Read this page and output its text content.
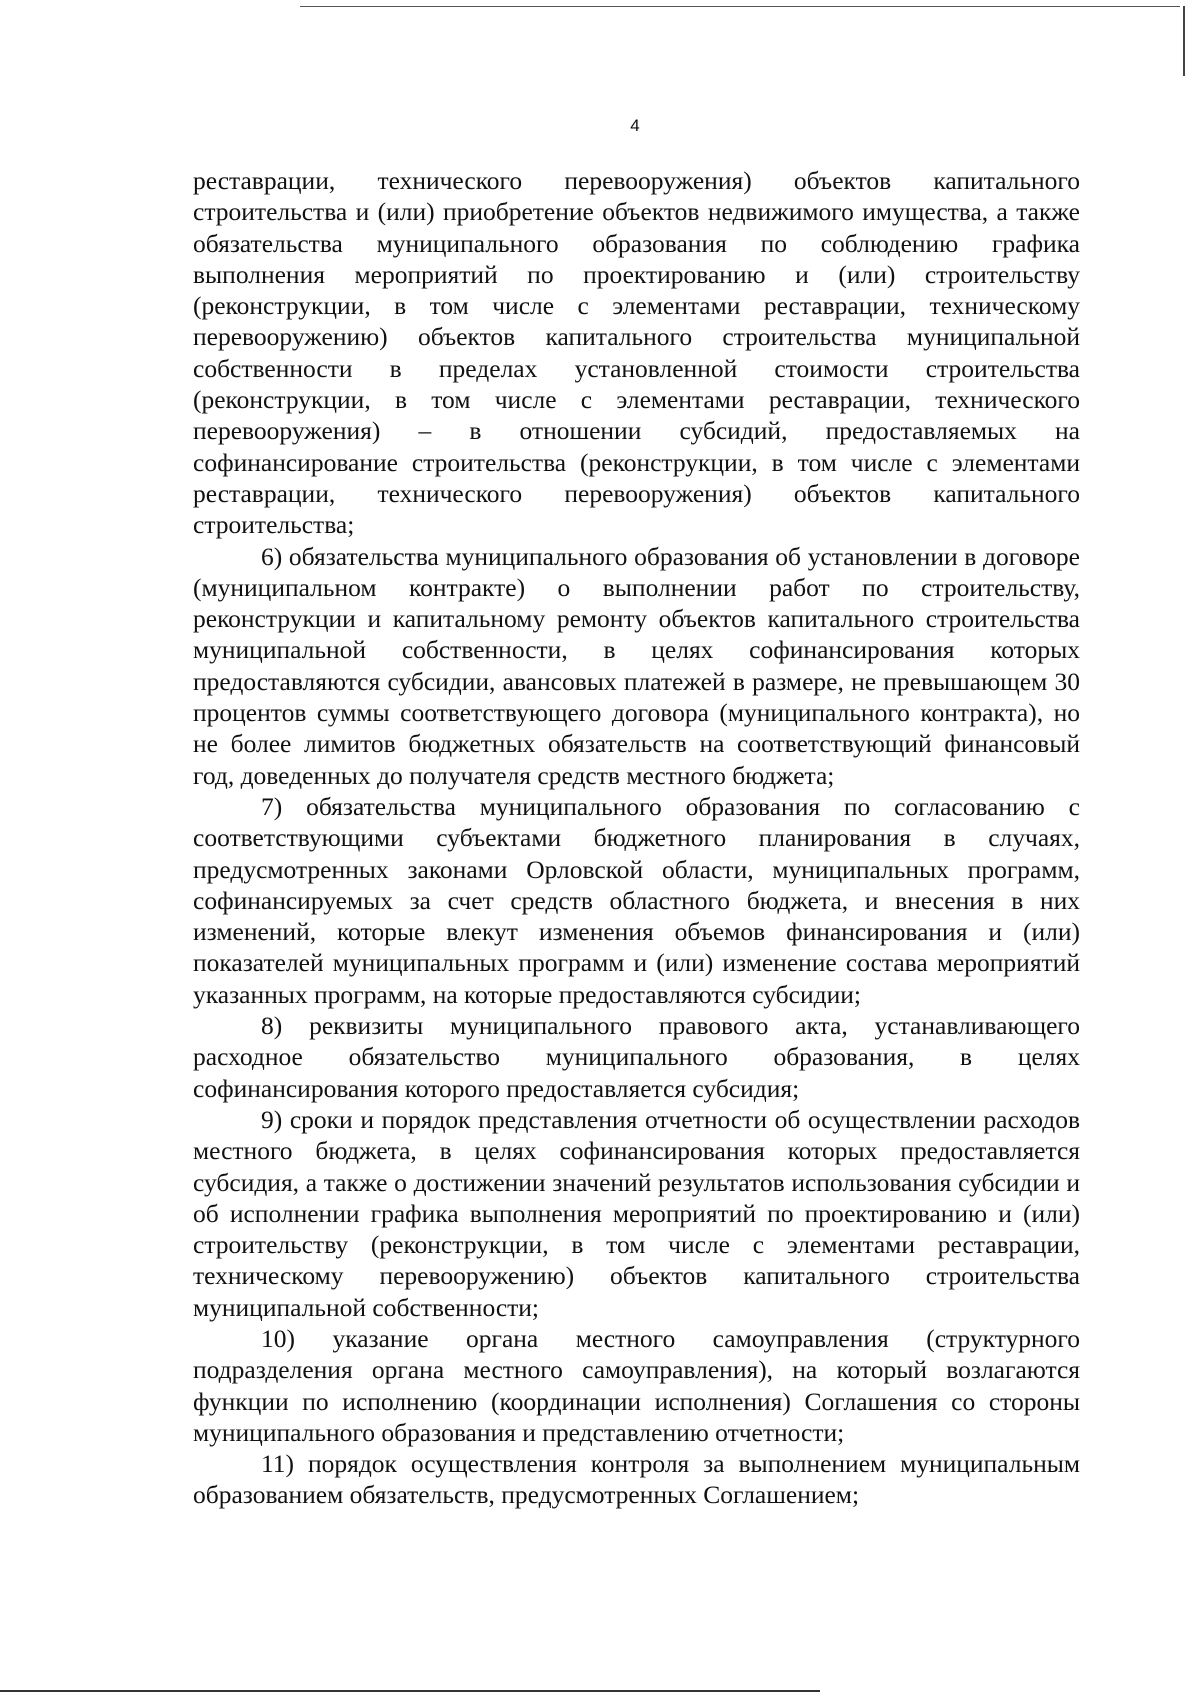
4

реставрации, технического перевооружения) объектов капитального строительства и (или) приобретение объектов недвижимого имущества, а также обязательства муниципального образования по соблюдению графика выполнения мероприятий по проектированию и (или) строительству (реконструкции, в том числе с элементами реставрации, техническому перевооружению) объектов капитального строительства муниципальной собственности в пределах установленной стоимости строительства (реконструкции, в том числе с элементами реставрации, технического перевооружения) – в отношении субсидий, предоставляемых на софинансирование строительства (реконструкции, в том числе с элементами реставрации, технического перевооружения) объектов капитального строительства;

6) обязательства муниципального образования об установлении в договоре (муниципальном контракте) о выполнении работ по строительству, реконструкции и капитальному ремонту объектов капитального строительства муниципальной собственности, в целях софинансирования которых предоставляются субсидии, авансовых платежей в размере, не превышающем 30 процентов суммы соответствующего договора (муниципального контракта), но не более лимитов бюджетных обязательств на соответствующий финансовый год, доведенных до получателя средств местного бюджета;

7) обязательства муниципального образования по согласованию с соответствующими субъектами бюджетного планирования в случаях, предусмотренных законами Орловской области, муниципальных программ, софинансируемых за счет средств областного бюджета, и внесения в них изменений, которые влекут изменения объемов финансирования и (или) показателей муниципальных программ и (или) изменение состава мероприятий указанных программ, на которые предоставляются субсидии;

8) реквизиты муниципального правового акта, устанавливающего расходное обязательство муниципального образования, в целях софинансирования которого предоставляется субсидия;

9) сроки и порядок представления отчетности об осуществлении расходов местного бюджета, в целях софинансирования которых предоставляется субсидия, а также о достижении значений результатов использования субсидии и об исполнении графика выполнения мероприятий по проектированию и (или) строительству (реконструкции, в том числе с элементами реставрации, техническому перевооружению) объектов капитального строительства муниципальной собственности;

10) указание органа местного самоуправления (структурного подразделения органа местного самоуправления), на который возлагаются функции по исполнению (координации исполнения) Соглашения со стороны муниципального образования и представлению отчетности;

11) порядок осуществления контроля за выполнением муниципальным образованием обязательств, предусмотренных Соглашением;
